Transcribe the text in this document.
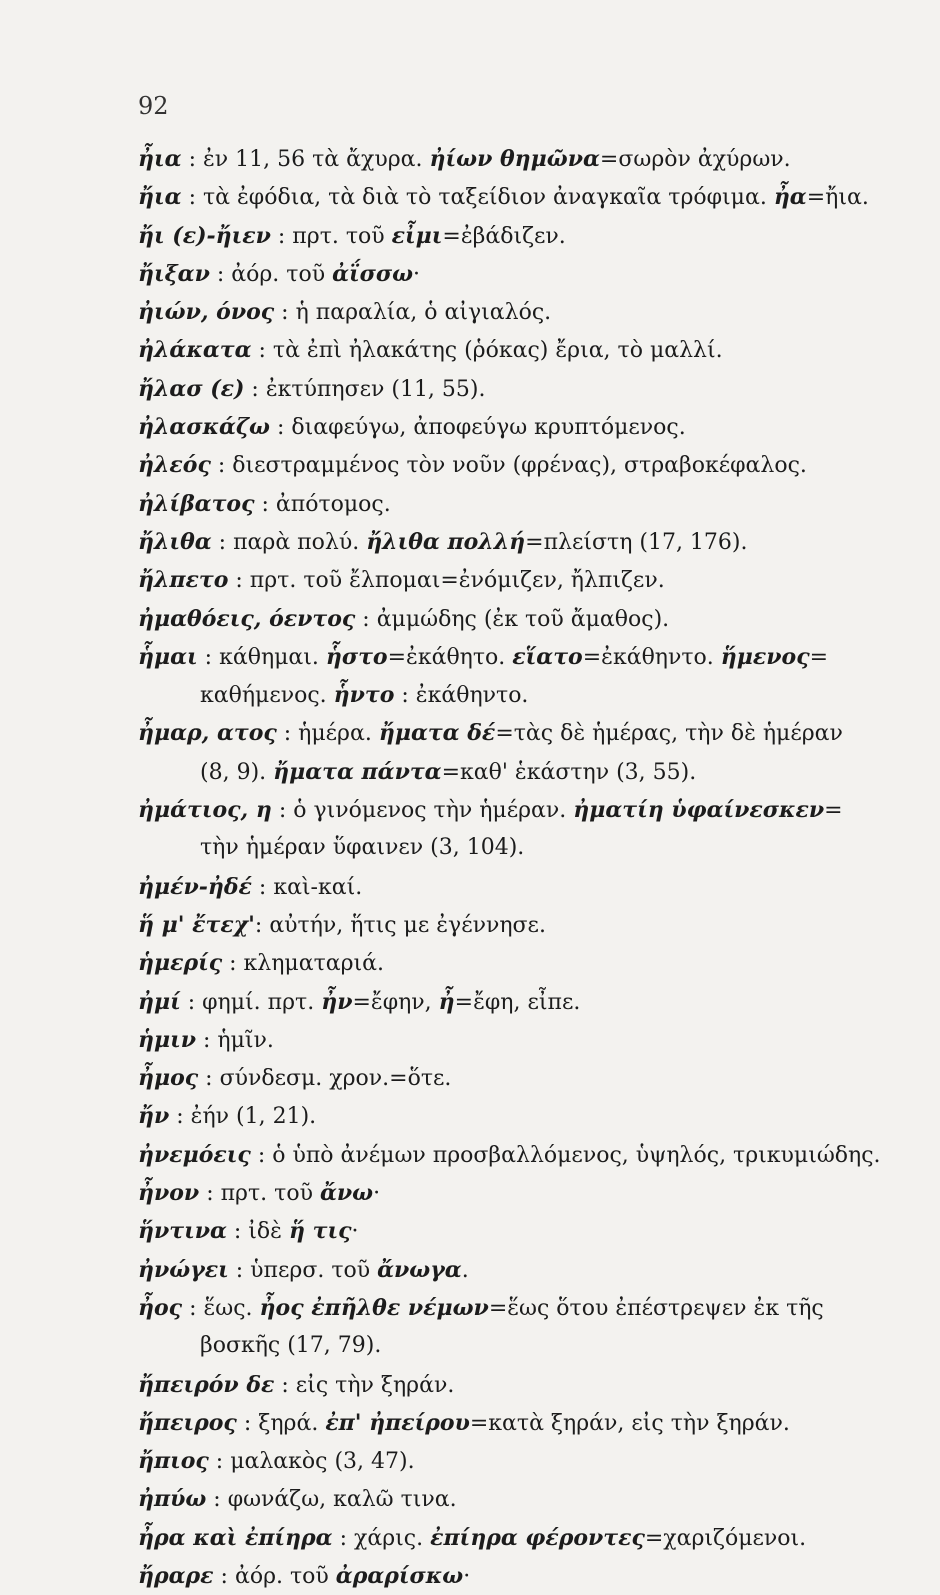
92
ἦια : ἐν 11, 56 τὰ ἄχυρα. ἠίων θημῶνα=σωρὸν ἀχύρων.
ἤια : τὰ ἐφόδια, τὰ διὰ τὸ ταξείδιον ἀναγκαῖα τρόφιμα. ἦα=ἤια.
ἤι (ε)-ἤιεν : πρτ. τοῦ εἶμι=ἐβάδιζεν.
ἤιξαν : ἀόρ. τοῦ ἀΐσσω·
ἠιών, όνος : ἡ παραλία, ὁ αἰγιαλός.
ἠλάκατα : τὰ ἐπὶ ἠλακάτης (ῥόκας) ἔρια, τὸ μαλλί.
ἤλασ (ε) : ἐκτύπησεν (11, 55).
ἠλασκάζω : διαφεύγω, ἀποφεύγω κρυπτόμενος.
ἠλεός : διεστραμμένος τὸν νοῦν (φρένας), στραβοκέφαλος.
ἠλίβατος : ἀπότομος.
ἤλιθα : παρὰ πολύ. ἤλιθα πολλή=πλείστη (17, 176).
ἤλπετο : πρτ. τοῦ ἔλπομαι=ἐνόμιζεν, ἤλπιζεν.
ἠμαθόεις, όεντος : ἀμμώδης (ἐκ τοῦ ἄμαθος).
ἧμαι : κάθημαι. ἧστο=ἐκάθητο. εἵατο=ἐκάθηντο. ἥμενος=
καθήμενος. ἧντο : ἐκάθηντο.
ἦμαρ, ατος : ἡμέρα. ἤματα δέ=τὰς δὲ ἡμέρας, τὴν δὲ ἡμέραν
(8, 9). ἤματα πάντα=καθ' ἑκάστην (3, 55).
ἠμάτιος, η : ὁ γινόμενος τὴν ἡμέραν. ἠματίη ὑφαίνεσκεν=
τὴν ἡμέραν ὕφαινεν (3, 104).
ἠμέν-ἠδέ : καὶ-καί.
ἥ μ' ἔτεχ': αὐτήν, ἥτις με ἐγέννησε.
ἡμερίς : κληματαριά.
ἠμί : φημί. πρτ. ἦν=ἔφην, ἦ=ἔφη, εἶπε.
ἡμιν : ἡμῖν.
ἦμος : σύνδεσμ. χρον.=ὅτε.
ἤν : ἐήν (1, 21).
ἠνεμόεις : ὁ ὑπὸ ἀνέμων προσβαλλόμενος, ὑψηλός, τρικυμιώδης.
ἦνον : πρτ. τοῦ ἄνω·
ἥντινα : ἰδὲ ἥ τις·
ἠνώγει : ὑπερσ. τοῦ ἄνωγα.
ἦος : ἕως. ἦος ἐπῆλθε νέμων=ἕως ὅτου ἐπέστρεψεν ἐκ τῆς
βοσκῆς (17, 79).
ἤπειρόν δε : εἰς τὴν ξηράν.
ἤπειρος : ξηρά. ἐπ' ἠπείρου=κατὰ ξηράν, εἰς τὴν ξηράν.
ἤπιος : μαλακὸς (3, 47).
ἠπύω : φωνάζω, καλῶ τινα.
ἦρα καὶ ἐπίηρα : χάρις. ἐπίηρα φέροντες=χαριζόμενοι.
ἤραρε : ἀόρ. τοῦ ἀραρίσκω·
